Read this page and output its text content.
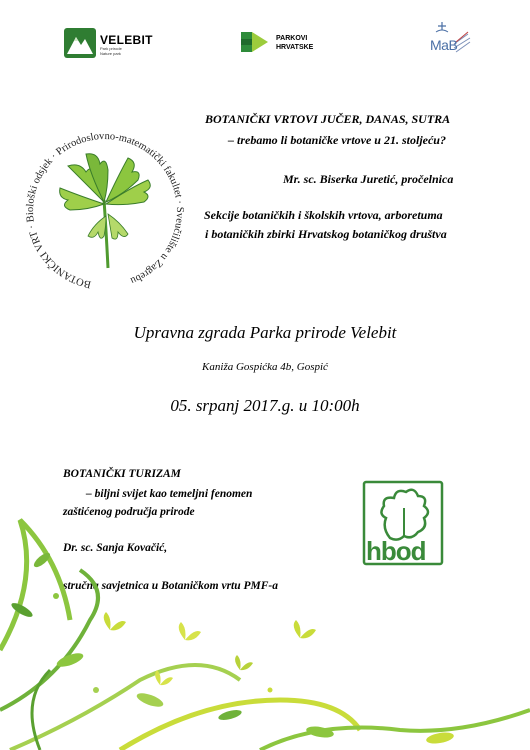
VELEBIT
Park prirode
Nature park
PARKOVI
HRVATSKE	MaB
BOTANIČKI VRT · Biološki odsjek · Prirodoslovno-matematički fakultet · Sveučilište u Zagrebu
BOTANIČKI VRTOVI JUČER, DANAS, SUTRA
– trebamo li botaničke vrtove u 21. stoljeću?
Mr. sc. Biserka Juretić, pročelnica
Sekcije botaničkih i školskih vrtova, arboretuma
i botaničkih zbirki Hrvatskog botaničkog društva
Upravna zgrada Parka prirode Velebit
Kaniža Gospićka 4b, Gospić
05. srpanj 2017.g. u 10:00h
BOTANIČKI TURIZAM
– biljni svijet kao temeljni fenomen
zaštićenog područja prirode
Dr. sc. Sanja Kovačić,
stručna savjetnica u Botaničkom vrtu PMF-a
hbod
